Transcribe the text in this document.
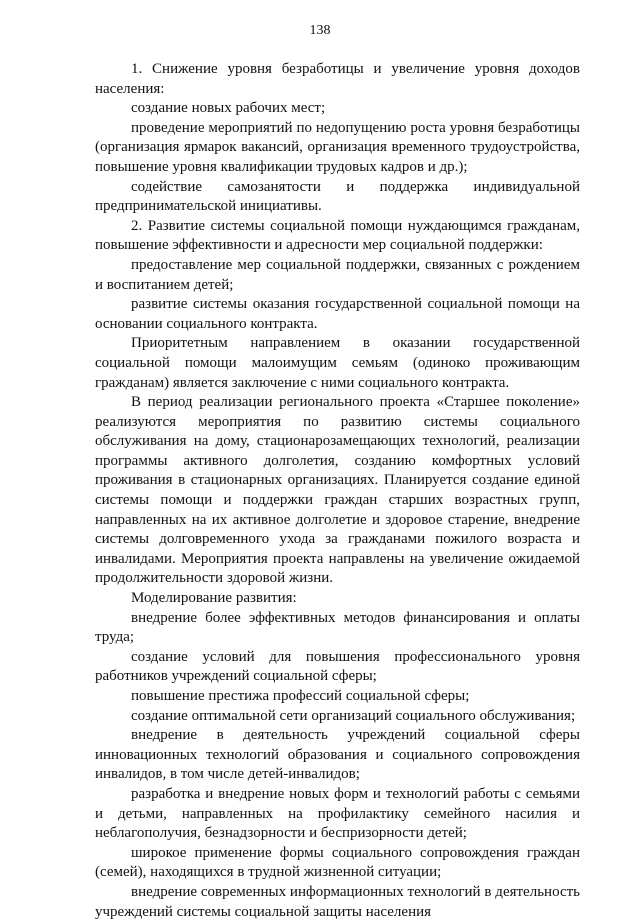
138

1. Снижение уровня безработицы и увеличение уровня доходов населения:

создание новых рабочих мест;

проведение мероприятий по недопущению роста уровня безработицы (организация ярмарок вакансий, организация временного трудоустройства, повышение уровня квалификации трудовых кадров и др.);

содействие самозанятости и поддержка индивидуальной предпринимательской инициативы.

2. Развитие системы социальной помощи нуждающимся гражданам, повышение эффективности и адресности мер социальной поддержки:

предоставление мер социальной поддержки, связанных с рождением и воспитанием детей;

развитие системы оказания государственной социальной помощи на основании социального контракта.

Приоритетным направлением в оказании государственной социальной помощи малоимущим семьям (одиноко проживающим гражданам) является заключение с ними социального контракта.

В период реализации регионального проекта «Старшее поколение» реализуются мероприятия по развитию системы социального обслуживания на дому, стационарозамещающих технологий, реализации программы активного долголетия, созданию комфортных условий проживания в стационарных организациях. Планируется создание единой системы помощи и поддержки граждан старших возрастных групп, направленных на их активное долголетие и здоровое старение, внедрение системы долговременного ухода за гражданами пожилого возраста и инвалидами. Мероприятия проекта направлены на увеличение ожидаемой продолжительности здоровой жизни.

Моделирование развития:

внедрение более эффективных методов финансирования и оплаты труда;

создание условий для повышения профессионального уровня работников учреждений социальной сферы;

повышение престижа профессий социальной сферы;

создание оптимальной сети организаций социального обслуживания;

внедрение в деятельность учреждений социальной сферы инновационных технологий образования и социального сопровождения инвалидов, в том числе детей-инвалидов;

разработка и внедрение новых форм и технологий работы с семьями и детьми, направленных на профилактику семейного насилия и неблагополучия, безнадзорности и беспризорности детей;

широкое применение формы социального сопровождения граждан (семей), находящихся в трудной жизненной ситуации;

внедрение современных информационных технологий в деятельность учреждений системы социальной защиты населения
